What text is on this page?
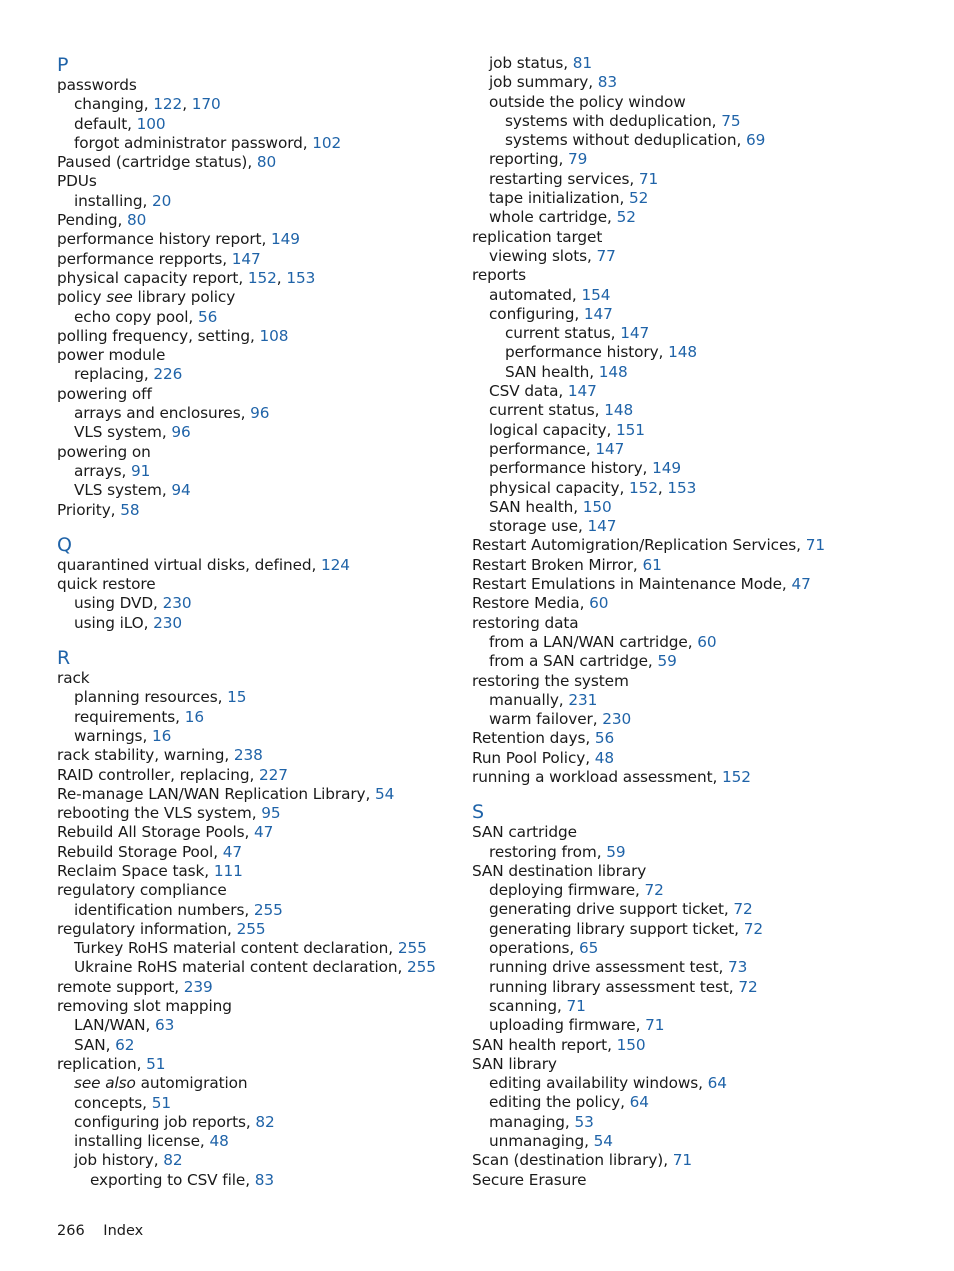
P
passwords
changing, 122, 170
default, 100
forgot administrator password, 102
Paused (cartridge status), 80
PDUs
installing, 20
Pending, 80
performance history report, 149
performance repports, 147
physical capacity report, 152, 153
policy see library policy
echo copy pool, 56
polling frequency, setting, 108
power module
replacing, 226
powering off
arrays and enclosures, 96
VLS system, 96
powering on
arrays, 91
VLS system, 94
Priority, 58
Q
quarantined virtual disks, defined, 124
quick restore
using DVD, 230
using iLO, 230
R
rack
planning resources, 15
requirements, 16
warnings, 16
rack stability, warning, 238
RAID controller, replacing, 227
Re-manage LAN/WAN Replication Library, 54
rebooting the VLS system, 95
Rebuild All Storage Pools, 47
Rebuild Storage Pool, 47
Reclaim Space task, 111
regulatory compliance
identification numbers, 255
regulatory information, 255
Turkey RoHS material content declaration, 255
Ukraine RoHS material content declaration, 255
remote support, 239
removing slot mapping
LAN/WAN, 63
SAN, 62
replication, 51
see also automigration
concepts, 51
configuring job reports, 82
installing license, 48
job history, 82
exporting to CSV file, 83
job status, 81
job summary, 83
outside the policy window
systems with deduplication, 75
systems without deduplication, 69
reporting, 79
restarting services, 71
tape initialization, 52
whole cartridge, 52
replication target
viewing slots, 77
reports
automated, 154
configuring, 147
current status, 147
performance history, 148
SAN health, 148
CSV data, 147
current status, 148
logical capacity, 151
performance, 147
performance history, 149
physical capacity, 152, 153
SAN health, 150
storage use, 147
Restart Automigration/Replication Services, 71
Restart Broken Mirror, 61
Restart Emulations in Maintenance Mode, 47
Restore Media, 60
restoring data
from a LAN/WAN cartridge, 60
from a SAN cartridge, 59
restoring the system
manually, 231
warm failover, 230
Retention days, 56
Run Pool Policy, 48
running a workload assessment, 152
S
SAN cartridge
restoring from, 59
SAN destination library
deploying firmware, 72
generating drive support ticket, 72
generating library support ticket, 72
operations, 65
running drive assessment test, 73
running library assessment test, 72
scanning, 71
uploading firmware, 71
SAN health report, 150
SAN library
editing availability windows, 64
editing the policy, 64
managing, 53
unmanaging, 54
Scan (destination library), 71
Secure Erasure
266 Index
